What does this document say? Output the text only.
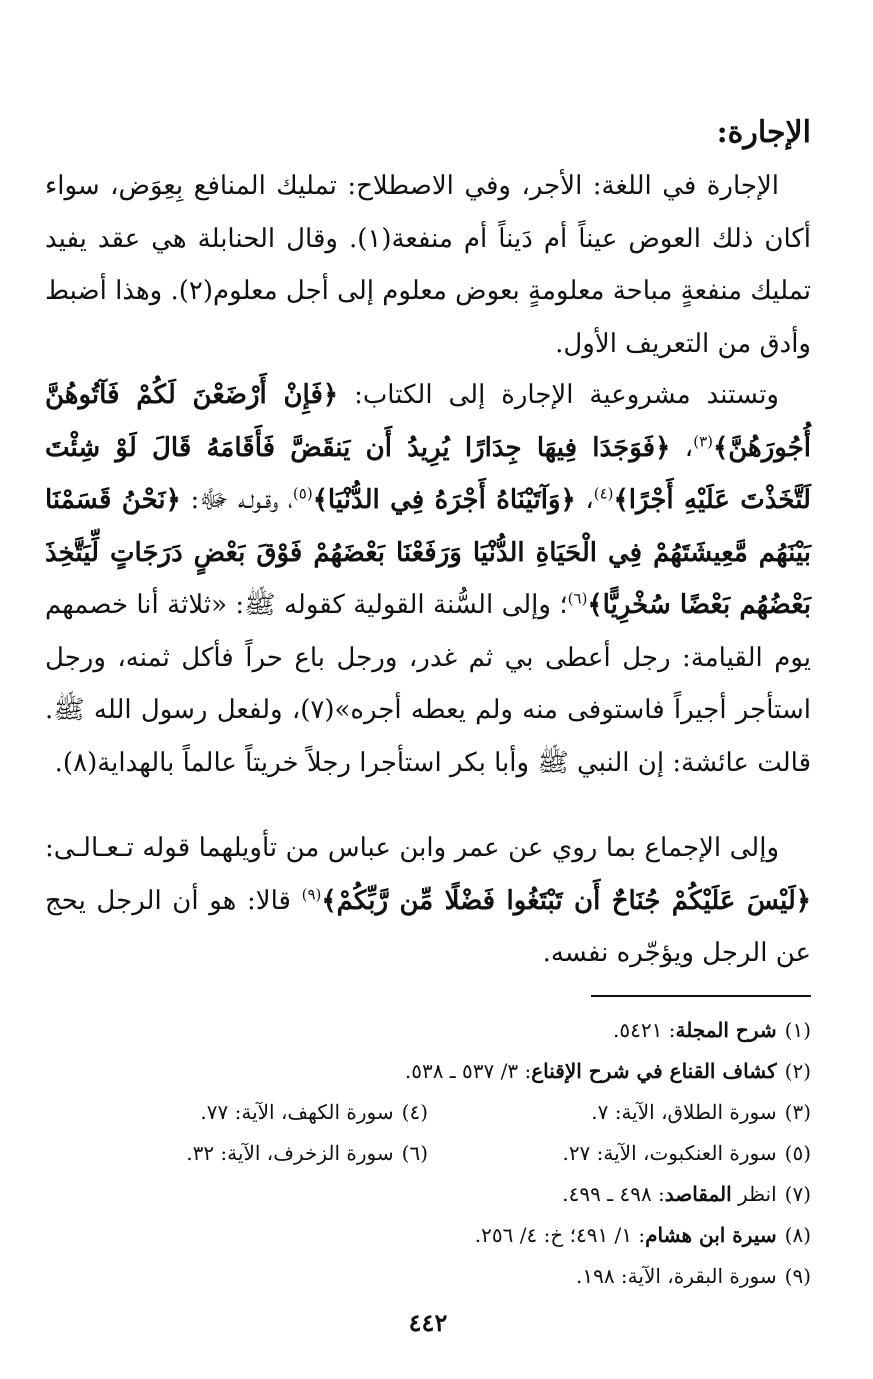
الإجارة:

الإجارة في اللغة: الأجر، وفي الاصطلاح: تمليك المنافع بِعِوَض، سواء أكان ذلك العوض عيناً أم دَيناً أم منفعة(١). وقال الحنابلة هي عقد يفيد تمليك منفعةٍ مباحة معلومةٍ بعوض معلوم إلى أجل معلوم(٢). وهذا أضبط وأدق من التعريف الأول.

وتستند مشروعية الإجارة إلى الكتاب: ﴿فَإِنْ أَرْضَعْنَ لَكُمْ فَآتُوهُنَّ أُجُورَهُنَّ﴾$^{(٣)}$، ﴿فَوَجَدَا فِيهَا جِدَارًا يُرِيدُ أَن يَنقَضَّ فَأَقَامَهُ قَالَ لَوْ شِئْتَ لَتَّخَذْتَ عَلَيْهِ أَجْرًا﴾$^{(٤)}$، ﴿وَآتَيْنَاهُ أَجْرَهُ فِي الدُّنْيَا﴾$^{(٥)}$، وقـولـه ﷻ: ﴿نَحْنُ قَسَمْنَا بَيْنَهُم مَّعِيشَتَهُمْ فِي الْحَيَاةِ الدُّنْيَا وَرَفَعْنَا بَعْضَهُمْ فَوْقَ بَعْضٍ دَرَجَاتٍ لِّيَتَّخِذَ بَعْضُهُم بَعْضًا سُخْرِيًّا﴾$^{(٦)}$؛ وإلى السُّنة القولية كقوله ﷺ: «ثلاثة أنا خصمهم يوم القيامة: رجل أعطى بي ثم غدر، ورجل باع حراً فأكل ثمنه، ورجل استأجر أجيراً فاستوفى منه ولم يعطه أجره»(٧)، ولفعل رسول الله ﷺ. قالت عائشة: إن النبي ﷺ وأبا بكر استأجرا رجلاً خريتاً عالماً بالهداية(٨).

وإلى الإجماع بما روي عن عمر وابن عباس من تأويلهما قوله تـعـالـى: ﴿لَيْسَ عَلَيْكُمْ جُنَاحٌ أَن تَبْتَغُوا فَضْلًا مِّن رَّبِّكُمْ﴾$^{(٩)}$ قالا: هو أن الرجل يحج عن الرجل ويؤجّره نفسه.

(١)شرح المجلة: ٥٤٢١.
(٢)كشاف القناع في شرح الإقناع: ٣/ ٥٣٧ ـ ٥٣٨.
(٣)سورة الطلاق، الآية: ٧.
(٤)سورة الكهف، الآية: ٧٧.
(٥)سورة العنكبوت، الآية: ٢٧.
(٦)سورة الزخرف، الآية: ٣٢.
(٧)انظر المقاصد: ٤٩٨ ـ ٤٩٩.
(٨)سيرة ابن هشام: ١/ ٤٩١؛ خ: ٤/ ٢٥٦.
(٩)سورة البقرة، الآية: ١٩٨.
٤٤٢
